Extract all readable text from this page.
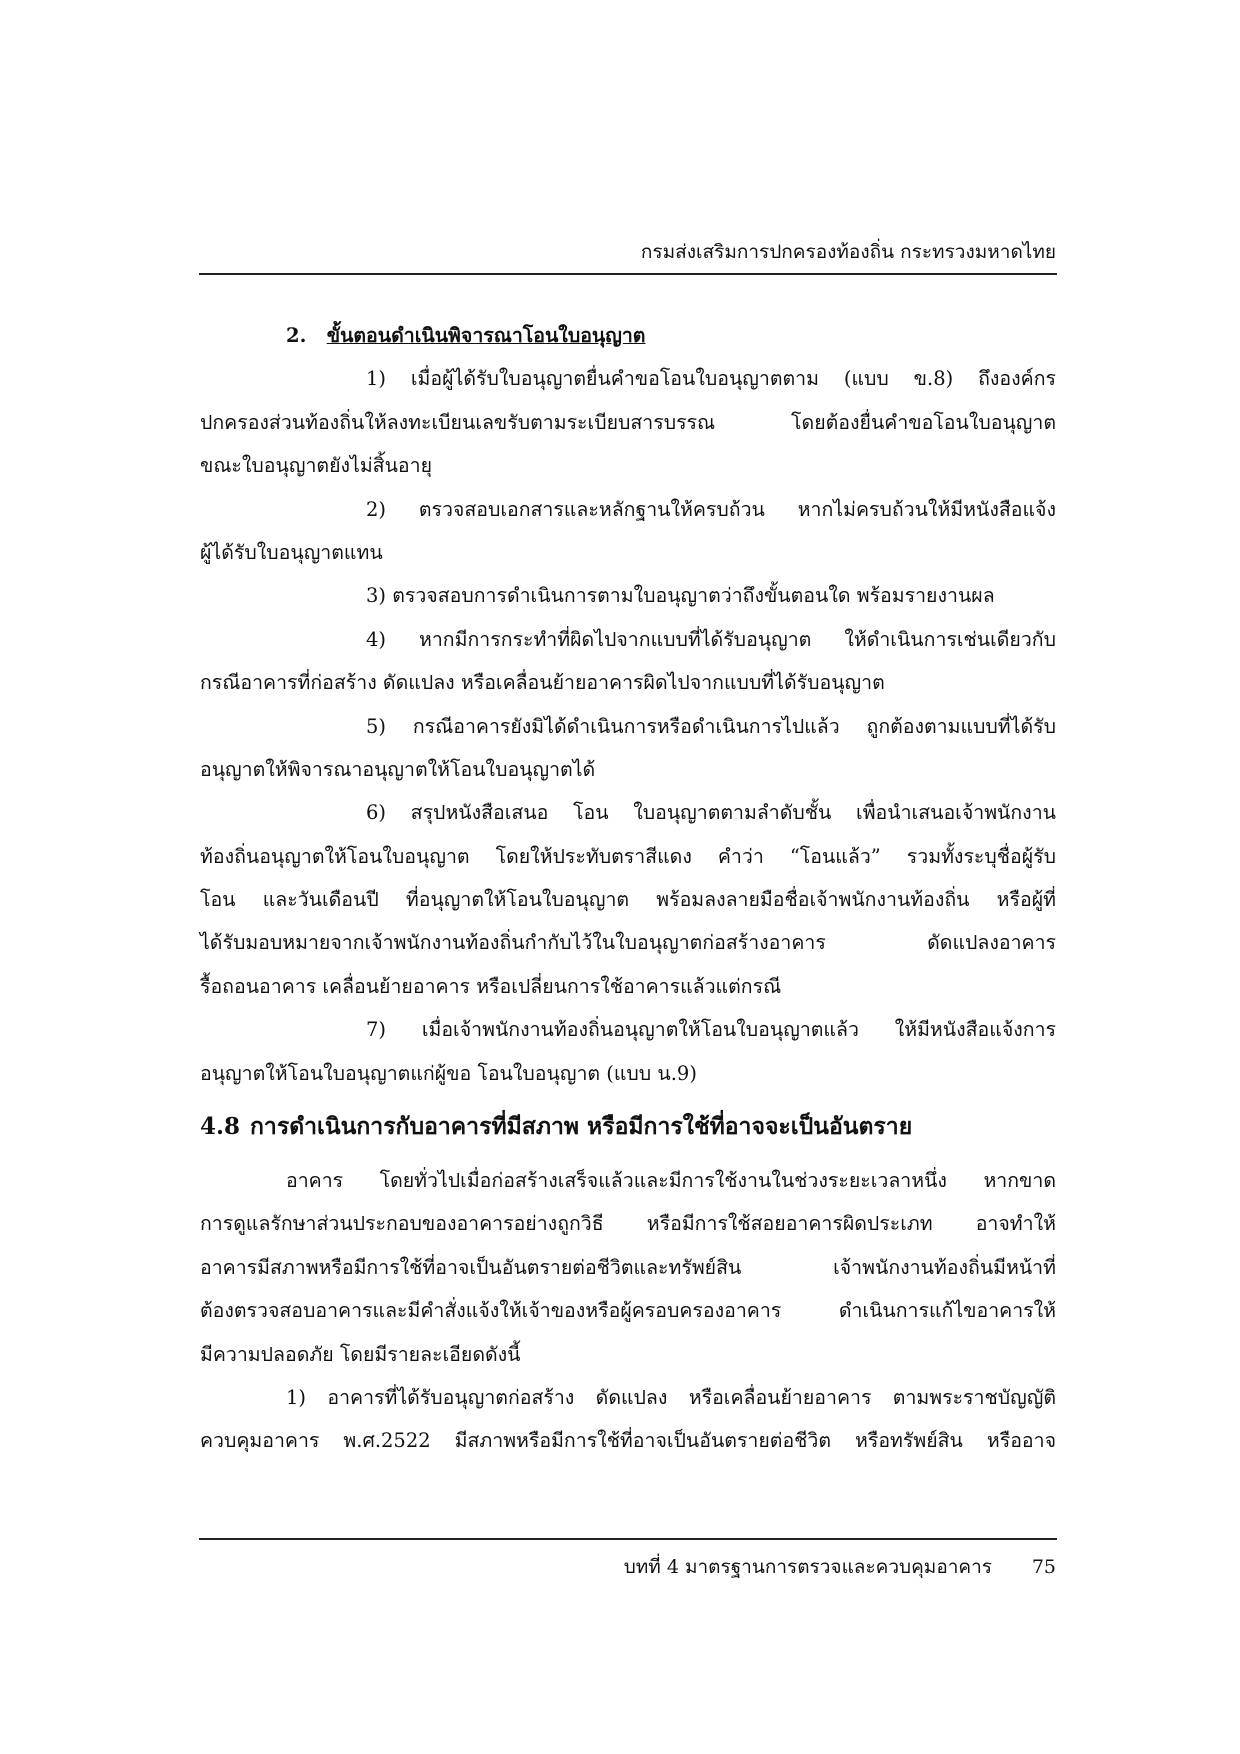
กรมส่งเสริมการปกครองท้องถิ่น กระทรวงมหาดไทย
2. ขั้นตอนดำเนินพิจารณาโอนใบอนุญาต
1) เมื่อผู้ได้รับใบอนุญาตยื่นคำขอโอนใบอนุญาตตาม (แบบ ข.8) ถึงองค์กร
ปกครองส่วนท้องถิ่นให้ลงทะเบียนเลขรับตามระเบียบสารบรรณ โดยต้องยื่นคำขอโอนใบอนุญาต
ขณะใบอนุญาตยังไม่สิ้นอายุ
2) ตรวจสอบเอกสารและหลักฐานให้ครบถ้วน หากไม่ครบถ้วนให้มีหนังสือแจ้ง
ผู้ได้รับใบอนุญาตแทน
3) ตรวจสอบการดำเนินการตามใบอนุญาตว่าถึงขั้นตอนใด พร้อมรายงานผล
4) หากมีการกระทำที่ผิดไปจากแบบที่ได้รับอนุญาต ให้ดำเนินการเช่นเดียวกับ
กรณีอาคารที่ก่อสร้าง ดัดแปลง หรือเคลื่อนย้ายอาคารผิดไปจากแบบที่ได้รับอนุญาต
5) กรณีอาคารยังมิได้ดำเนินการหรือดำเนินการไปแล้ว ถูกต้องตามแบบที่ได้รับ
อนุญาตให้พิจารณาอนุญาตให้โอนใบอนุญาตได้
6) สรุปหนังสือเสนอ โอน ใบอนุญาตตามลำดับชั้น เพื่อนำเสนอเจ้าพนักงาน
ท้องถิ่นอนุญาตให้โอนใบอนุญาต โดยให้ประทับตราสีแดง คำว่า “โอนแล้ว” รวมทั้งระบุชื่อผู้รับ
โอน และวันเดือนปี ที่อนุญาตให้โอนใบอนุญาต พร้อมลงลายมือชื่อเจ้าพนักงานท้องถิ่น หรือผู้ที่
ได้รับมอบหมายจากเจ้าพนักงานท้องถิ่นกำกับไว้ในใบอนุญาตก่อสร้างอาคาร ดัดแปลงอาคาร
รื้อถอนอาคาร เคลื่อนย้ายอาคาร หรือเปลี่ยนการใช้อาคารแล้วแต่กรณี
7) เมื่อเจ้าพนักงานท้องถิ่นอนุญาตให้โอนใบอนุญาตแล้ว ให้มีหนังสือแจ้งการ
อนุญาตให้โอนใบอนุญาตแก่ผู้ขอ โอนใบอนุญาต (แบบ น.9)
4.8 การดำเนินการกับอาคารที่มีสภาพ หรือมีการใช้ที่อาจจะเป็นอันตราย
อาคาร โดยทั่วไปเมื่อก่อสร้างเสร็จแล้วและมีการใช้งานในช่วงระยะเวลาหนึ่ง หากขาด
การดูแลรักษาส่วนประกอบของอาคารอย่างถูกวิธี หรือมีการใช้สอยอาคารผิดประเภท อาจทำให้
อาคารมีสภาพหรือมีการใช้ที่อาจเป็นอันตรายต่อชีวิตและทรัพย์สิน เจ้าพนักงานท้องถิ่นมีหน้าที่
ต้องตรวจสอบอาคารและมีคำสั่งแจ้งให้เจ้าของหรือผู้ครอบครองอาคาร ดำเนินการแก้ไขอาคารให้
มีความปลอดภัย โดยมีรายละเอียดดังนี้
1) อาคารที่ได้รับอนุญาตก่อสร้าง ดัดแปลง หรือเคลื่อนย้ายอาคาร ตามพระราชบัญญัติ
ควบคุมอาคาร พ.ศ.2522 มีสภาพหรือมีการใช้ที่อาจเป็นอันตรายต่อชีวิต หรือทรัพย์สิน หรืออาจ
บทที่ 4 มาตรฐานการตรวจและควบคุมอาคาร 75
